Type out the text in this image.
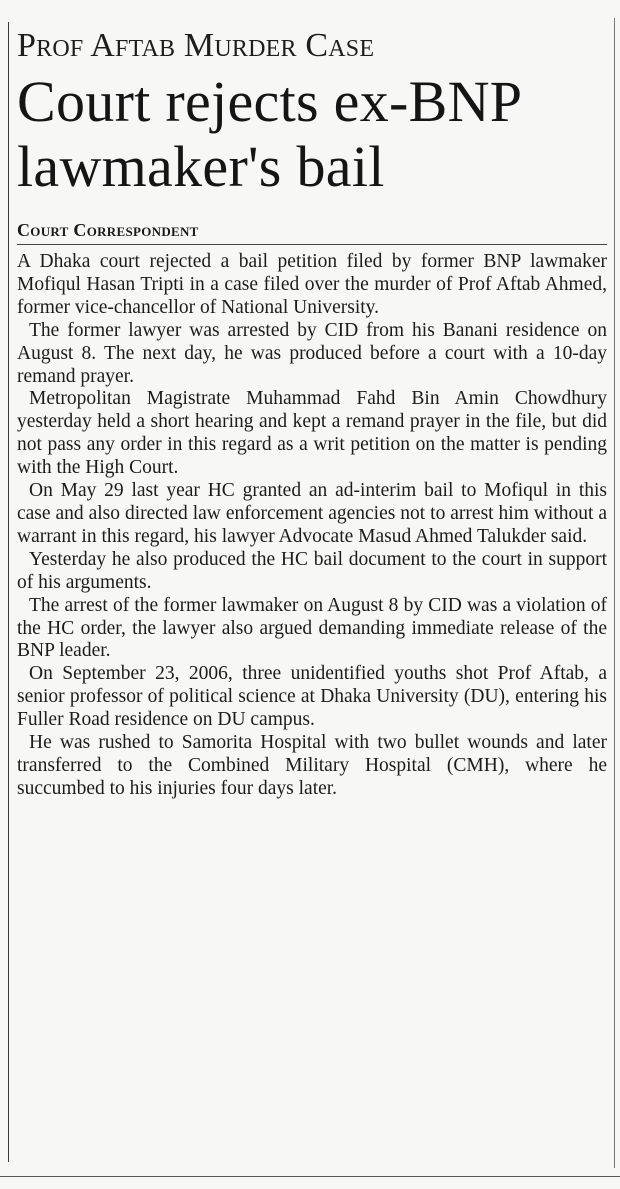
Prof Aftab Murder Case
Court rejects ex-BNP lawmaker's bail
Court Correspondent

A Dhaka court rejected a bail petition filed by former BNP lawmaker Mofiqul Hasan Tripti in a case filed over the murder of Prof Aftab Ahmed, former vice-chancellor of National University.

The former lawyer was arrested by CID from his Banani residence on August 8. The next day, he was produced before a court with a 10-day remand prayer.

Metropolitan Magistrate Muhammad Fahd Bin Amin Chowdhury yesterday held a short hearing and kept a remand prayer in the file, but did not pass any order in this regard as a writ petition on the matter is pending with the High Court.

On May 29 last year HC granted an ad-interim bail to Mofiqul in this case and also directed law enforcement agencies not to arrest him without a warrant in this regard, his lawyer Advocate Masud Ahmed Talukder said.

Yesterday he also produced the HC bail document to the court in support of his arguments.

The arrest of the former lawmaker on August 8 by CID was a violation of the HC order, the lawyer also argued demanding immediate release of the BNP leader.

On September 23, 2006, three unidentified youths shot Prof Aftab, a senior professor of political science at Dhaka University (DU), entering his Fuller Road residence on DU campus.

He was rushed to Samorita Hospital with two bullet wounds and later transferred to the Combined Military Hospital (CMH), where he succumbed to his injuries four days later.
